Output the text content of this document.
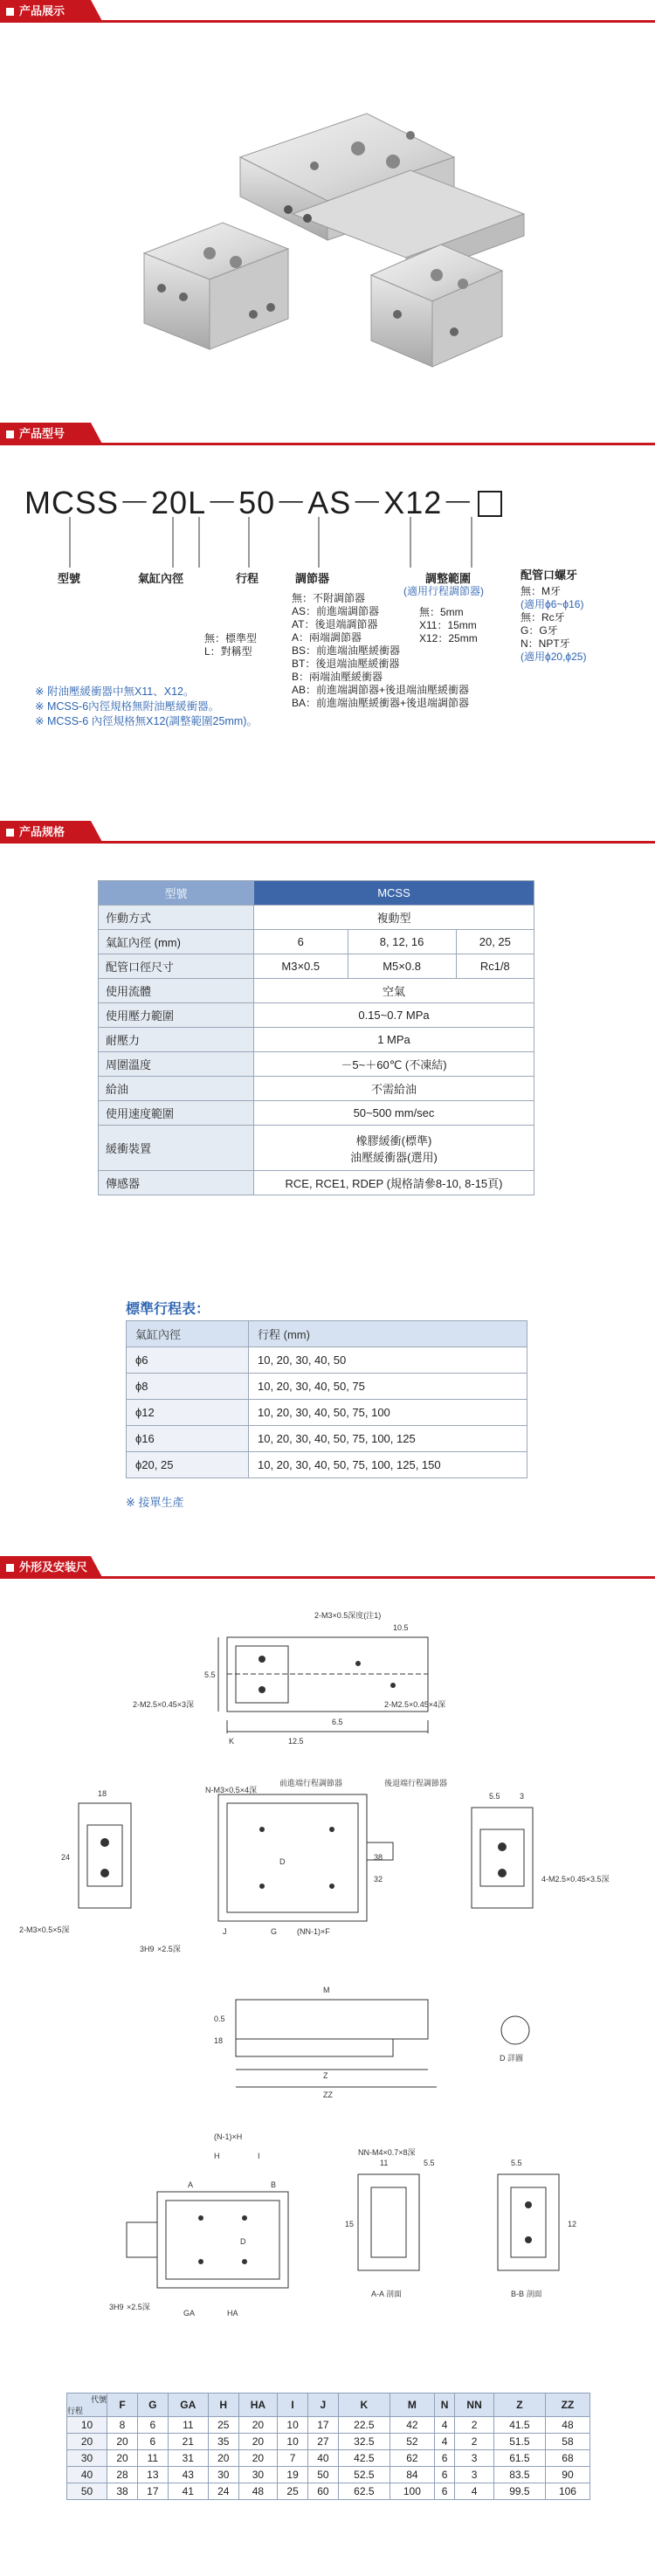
产品展示
产品型号
MCSS－20L－50－AS－X12－
型號	氣缸內徑	行程	調節器	調整範圍
(適用行程調節器)
配管口螺牙
無：標準型
L：對稱型
無：不附調節器
AS：前進端調節器
AT：後退端調節器
A：兩端調節器
BS：前進端油壓緩衝器
BT：後退端油壓緩衝器
B：兩端油壓緩衝器
AB：前進端調節器+後退端油壓緩衝器
BA：前進端油壓緩衝器+後退端調節器
無：5mm
X11：15mm
X12：25mm
無：M牙
(適用ϕ6~ϕ16)
無：Rc牙
G：G牙
N：NPT牙
(適用ϕ20,ϕ25)
※ 附油壓緩衝器中無X11、X12。
※ MCSS-6內徑規格無附油壓緩衝器。
※ MCSS-6 內徑規格無X12(調整範圍25mm)。
产品规格
型號	MCSS		
作動方式	複動型		
氣缸內徑 (mm)	6	8, 12, 16	20, 25
配管口徑尺寸	M3×0.5	M5×0.8	Rc1/8
使用流體	空氣		
使用壓力範圍	0.15~0.7 MPa		
耐壓力	1 MPa		
周圍溫度	－5~＋60℃ (不凍結)		
給油	不需給油		
使用速度範圍	50~500 mm/sec		
緩衝裝置	橡膠緩衝(標準)
油壓緩衝器(選用)		

傳感器	RCE, RCE1, RDEP (規格請參8-10, 8-15頁)		
標準行程表：
氣缸內徑	行程 (mm)
ϕ6	10, 20, 30, 40, 50
ϕ8	10, 20, 30, 40, 50, 75
ϕ12	10, 20, 30, 40, 50, 75, 100
ϕ16	10, 20, 30, 40, 50, 75, 100, 125
ϕ20, 25	10, 20, 30, 40, 50, 75, 100, 125, 150
※ 接單生產
外形及安装尺寸
2-M3×0.5深度(注1)
10.5
K	12.5
6.5
2-M2.5×0.45×3深	2-M2.5×0.45×4深
5.5
18
24
2-M3×0.5×5深
N-M3×0.5×4深
前進端行程調節器	後退端行程調節器
D	38
32
J	G	(NN-1)×F
3H9 ×2.5深
5.5 3
4-M2.5×0.45×3.5深
M
0.5
18
Z
ZZ
D 詳圖
(N-1)×H
H	I	NN-M4×0.7×8深
A	B
D
GA	HA
3H9 ×2.5深
11	5.5
15
A-A 剖面
5.5
12
B-B 剖面
代號
行程	F	G	GA	H	HA	I	J	K	M	N	NN	Z	ZZ
10	8	6	11	25	20	10	17	22.5	42	4	2	41.5	48
20	20	6	21	35	20	10	27	32.5	52	4	2	51.5	58
30	20	11	31	20	20	7	40	42.5	62	6	3	61.5	68
40	28	13	43	30	30	19	50	52.5	84	6	3	83.5	90
50	38	17	41	24	48	25	60	62.5	100	6	4	99.5	106
